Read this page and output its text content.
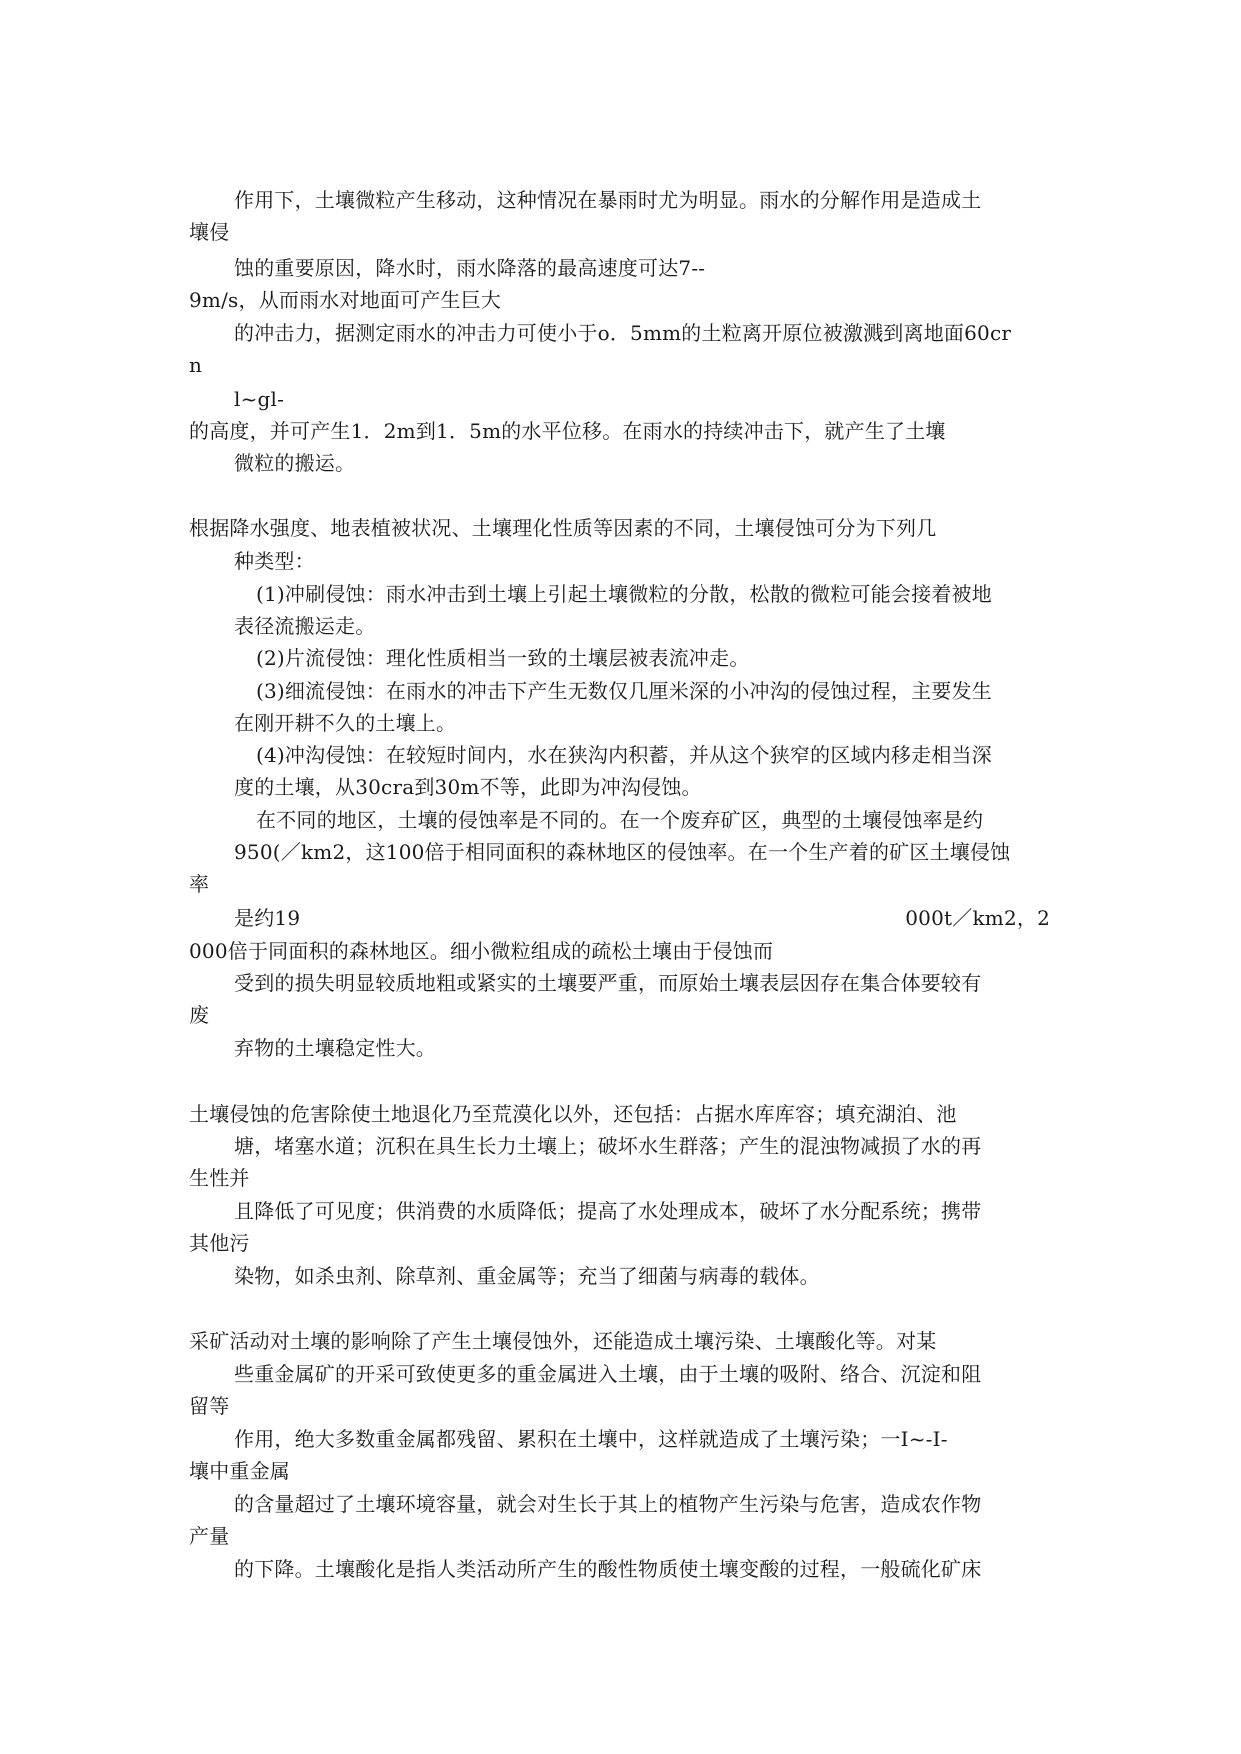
作用下，土壤微粒产生移动，这种情况在暴雨时尤为明显。雨水的分解作用是造成土
壤侵
蚀的重要原因，降水时，雨水降落的最高速度可达7--
9m/s，从而雨水对地面可产生巨大
的冲击力，据测定雨水的冲击力可使小于o．5mm的土粒离开原位被激溅到离地面60cr
n
l~gl-
的高度，并可产生1．2m到1．5m的水平位移。在雨水的持续冲击下，就产生了土壤
微粒的搬运。
根据降水强度、地表植被状况、土壤理化性质等因素的不同，土壤侵蚀可分为下列几
种类型：
(1)冲刷侵蚀：雨水冲击到土壤上引起土壤微粒的分散，松散的微粒可能会接着被地
表径流搬运走。
(2)片流侵蚀：理化性质相当一致的土壤层被表流冲走。
(3)细流侵蚀：在雨水的冲击下产生无数仅几厘米深的小冲沟的侵蚀过程，主要发生
在刚开耕不久的土壤上。
(4)冲沟侵蚀：在较短时间内，水在狭沟内积蓄，并从这个狭窄的区域内移走相当深
度的土壤，从30cra到30m不等，此即为冲沟侵蚀。
在不同的地区，土壤的侵蚀率是不同的。在一个废弃矿区，典型的土壤侵蚀率是约
950(／km2，这100倍于相同面积的森林地区的侵蚀率。在一个生产着的矿区土壤侵蚀
率
是约19	000t／km2，2
000倍于同面积的森林地区。细小微粒组成的疏松土壤由于侵蚀而
受到的损失明显较质地粗或紧实的土壤要严重，而原始土壤表层因存在集合体要较有
废
弃物的土壤稳定性大。
土壤侵蚀的危害除使土地退化乃至荒漠化以外，还包括：占据水库库容；填充湖泊、池
塘，堵塞水道；沉积在具生长力土壤上；破坏水生群落；产生的混浊物减损了水的再
生性并
且降低了可见度；供消费的水质降低；提高了水处理成本，破坏了水分配系统；携带
其他污
染物，如杀虫剂、除草剂、重金属等；充当了细菌与病毒的载体。
采矿活动对土壤的影响除了产生土壤侵蚀外，还能造成土壤污染、土壤酸化等。对某
些重金属矿的开采可致使更多的重金属进入土壤，由于土壤的吸附、络合、沉淀和阻
留等
作用，绝大多数重金属都残留、累积在土壤中，这样就造成了土壤污染；一I~-I-
壤中重金属
的含量超过了土壤环境容量，就会对生长于其上的植物产生污染与危害，造成农作物
产量
的下降。土壤酸化是指人类活动所产生的酸性物质使土壤变酸的过程，一般硫化矿床
